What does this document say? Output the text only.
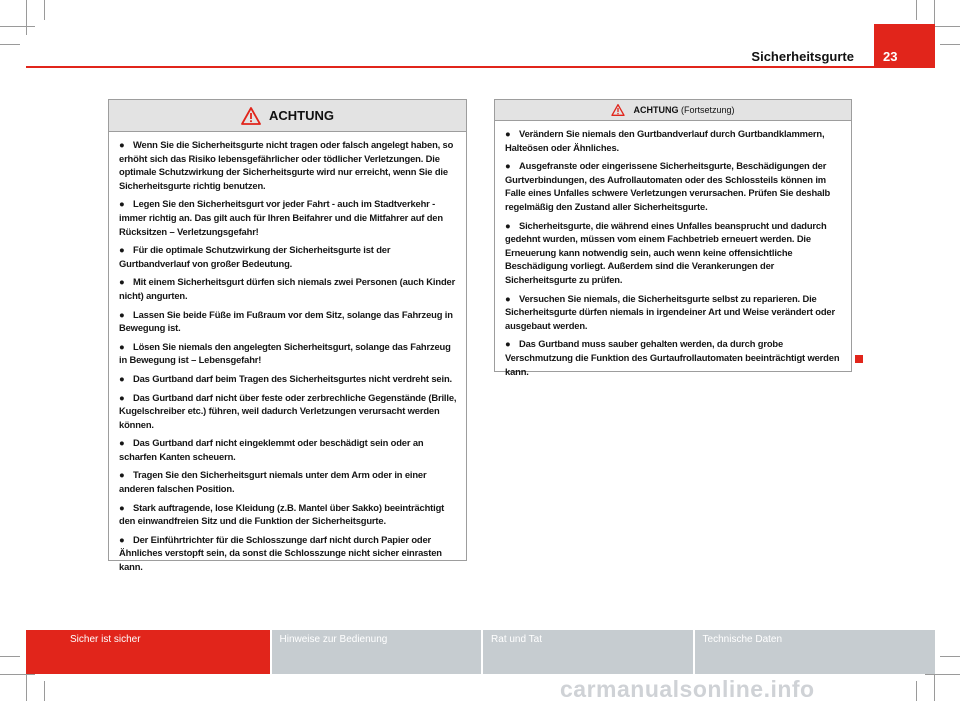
Sicherheitsgurte	23
ACHTUNG

● Wenn Sie die Sicherheitsgurte nicht tragen oder falsch angelegt haben, so erhöht sich das Risiko lebensgefährlicher oder tödlicher Verletzungen. Die optimale Schutzwirkung der Sicherheitsgurte wird nur erreicht, wenn Sie die Sicherheitsgurte richtig benutzen.

● Legen Sie den Sicherheitsgurt vor jeder Fahrt - auch im Stadtverkehr - immer richtig an. Das gilt auch für Ihren Beifahrer und die Mitfahrer auf den Rücksitzen – Verletzungsgefahr!

● Für die optimale Schutzwirkung der Sicherheitsgurte ist der Gurtbandverlauf von großer Bedeutung.

● Mit einem Sicherheitsgurt dürfen sich niemals zwei Personen (auch Kinder nicht) angurten.

● Lassen Sie beide Füße im Fußraum vor dem Sitz, solange das Fahrzeug in Bewegung ist.

● Lösen Sie niemals den angelegten Sicherheitsgurt, solange das Fahrzeug in Bewegung ist – Lebensgefahr!

● Das Gurtband darf beim Tragen des Sicherheitsgurtes nicht verdreht sein.

● Das Gurtband darf nicht über feste oder zerbrechliche Gegenstände (Brille, Kugelschreiber etc.) führen, weil dadurch Verletzungen verursacht werden können.

● Das Gurtband darf nicht eingeklemmt oder beschädigt sein oder an scharfen Kanten scheuern.

● Tragen Sie den Sicherheitsgurt niemals unter dem Arm oder in einer anderen falschen Position.

● Stark auftragende, lose Kleidung (z.B. Mantel über Sakko) beeinträchtigt den einwandfreien Sitz und die Funktion der Sicherheitsgurte.

● Der Einführtrichter für die Schlosszunge darf nicht durch Papier oder Ähnliches verstopft sein, da sonst die Schlosszunge nicht sicher einrasten kann.

ACHTUNG
(Fortsetzung)

● Verändern Sie niemals den Gurtbandverlauf durch Gurtbandklammern, Halteösen oder Ähnliches.

● Ausgefranste oder eingerissene Sicherheitsgurte, Beschädigungen der Gurtverbindungen, des Aufrollautomaten oder des Schlossteils können im Falle eines Unfalles schwere Verletzungen verursachen. Prüfen Sie deshalb regelmäßig den Zustand aller Sicherheitsgurte.

● Sicherheitsgurte, die während eines Unfalles beansprucht und dadurch gedehnt wurden, müssen vom einem Fachbetrieb erneuert werden. Die Erneuerung kann notwendig sein, auch wenn keine offensichtliche Beschädigung vorliegt. Außerdem sind die Verankerungen der Sicherheitsgurte zu prüfen.

● Versuchen Sie niemals, die Sicherheitsgurte selbst zu reparieren. Die Sicherheitsgurte dürfen niemals in irgendeiner Art und Weise verändert oder ausgebaut werden.

● Das Gurtband muss sauber gehalten werden, da durch grobe Verschmutzung die Funktion des Gurtaufrollautomaten beeinträchtigt werden kann.

Sicher ist sicher	Hinweise zur Bedienung	Rat und Tat	Technische Daten
carmanualsonline.info
